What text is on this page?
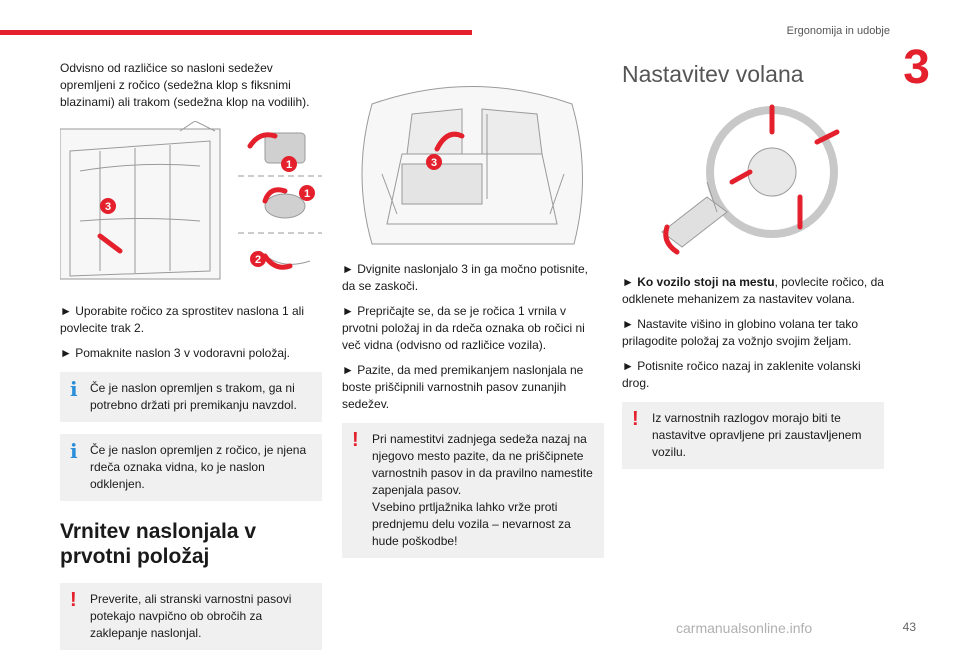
Ergonomija in udobje
3

Odvisno od različice so nasloni sedežev opremljeni z ročico (sedežna klop s fiksnimi blazinami) ali trakom (sedežna klop na vodilih).

1
1
2
3

► Uporabite ročico za sprostitev naslona 1 ali povlecite trak 2.

► Pomaknite naslon 3 v vodoravni položaj.

i Če je naslon opremljen s trakom, ga ni potrebno držati pri premikanju navzdol.
i Če je naslon opremljen z ročico, je njena rdeča oznaka vidna, ko je naslon odklenjen.
Vrnitev naslonjala v prvotni položaj
! Preverite, ali stranski varnostni pasovi potekajo navpično ob obročih za zaklepanje naslonjal.
3

► Dvignite naslonjalo 3 in ga močno potisnite, da se zaskoči.

► Prepričajte se, da se je ročica 1 vrnila v prvotni položaj in da rdeča oznaka ob ročici ni več vidna (odvisno od različice vozila).

► Pazite, da med premikanjem naslonjala ne boste priščipnili varnostnih pasov zunanjih sedežev.

! Pri namestitvi zadnjega sedeža nazaj na njegovo mesto pazite, da ne priščipnete varnostnih pasov in da pravilno namestite zapenjala pasov.
Vsebino prtljažnika lahko vrže proti prednjemu delu vozila – nevarnost za hude poškodbe!
Nastavitev volana

► Ko vozilo stoji na mestu, povlecite ročico, da odklenete mehanizem za nastavitev volana.

► Nastavite višino in globino volana ter tako prilagodite položaj za vožnjo svojim željam.

► Potisnite ročico nazaj in zaklenite volanski drog.

! Iz varnostnih razlogov morajo biti te nastavitve opravljene pri zaustavljenem vozilu.
carmanualsonline.info	43
